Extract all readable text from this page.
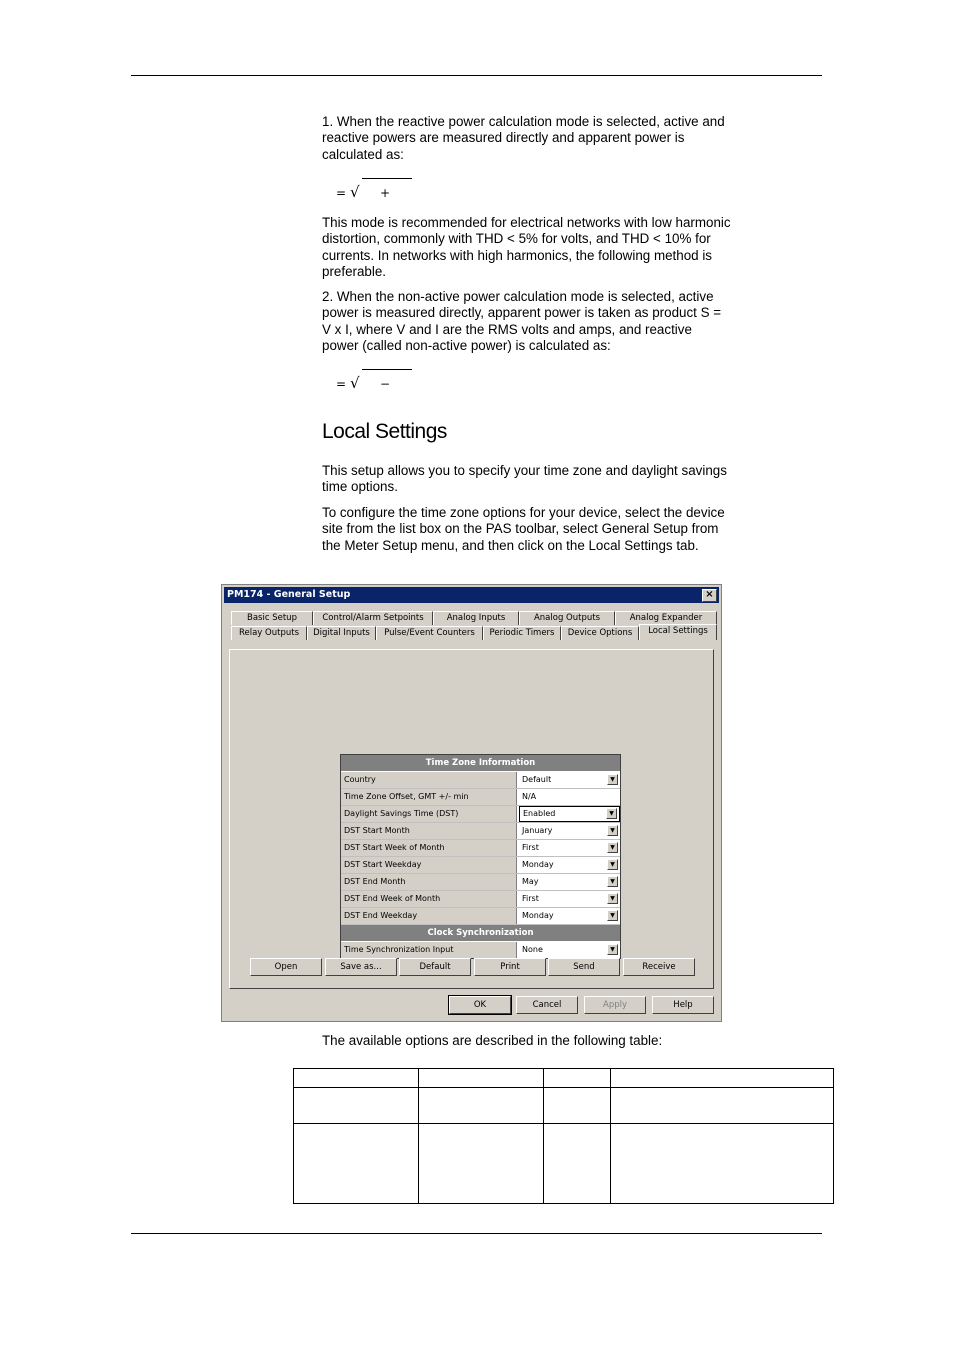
1. When the reactive power calculation mode is selected, active and reactive powers are measured directly and apparent power is calculated as:

= √ +

This mode is recommended for electrical networks with low harmonic distortion, commonly with THD < 5% for volts, and THD < 10% for currents. In networks with high harmonics, the following method is preferable.

2. When the non-active power calculation mode is selected, active power is measured directly, apparent power is taken as product S = V x I, where V and I are the RMS volts and amps, and reactive power (called non-active power) is calculated as:

= √ −
Local Settings

This setup allows you to specify your time zone and daylight savings time options.

To configure the time zone options for your device, select the device site from the list box on the PAS toolbar, select General Setup from the Meter Setup menu, and then click on the Local Settings tab.

PM174 - General Setup	×
Basic Setup	Control/Alarm Setpoints	Analog Inputs	Analog Outputs	Analog Expander
Relay Outputs	Digital Inputs	Pulse/Event Counters	Periodic Timers	Device Options	Local Settings
Time Zone Information
Country	Default	▼
Time Zone Offset, GMT +/- min	N/A
Daylight Savings Time (DST)	Enabled	▼
DST Start Month	January	▼
DST Start Week of Month	First	▼
DST Start Weekday	Monday	▼
DST End Month	May	▼
DST End Week of Month	First	▼
DST End Weekday	Monday	▼
Clock Synchronization
Time Synchronization Input	None	▼
Open	Save as...	Default	Print	Send	Receive
OK	Cancel	Apply	Help

The available options are described in the following table:
